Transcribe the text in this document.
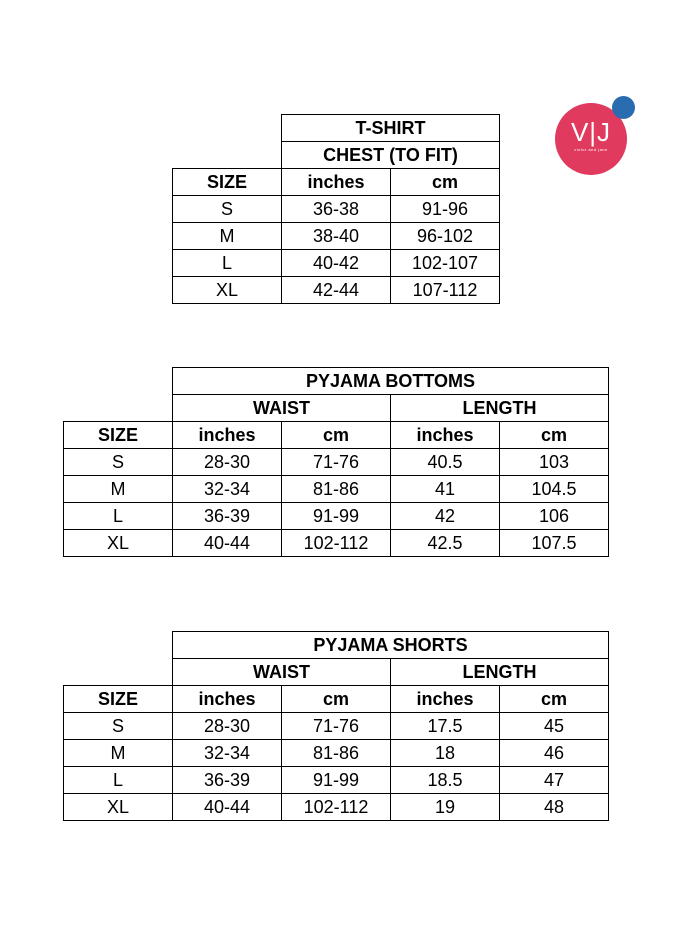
V|J
victor and jane
	T-SHIRT	
	CHEST (TO FIT)	
SIZE	inches	cm
S	36-38	91-96
M	38-40	96-102
L	40-42	102-107
XL	42-44	107-112
	PYJAMA BOTTOMS			
	WAIST		LENGTH	
SIZE	inches	cm	inches	cm
S	28-30	71-76	40.5	103
M	32-34	81-86	41	104.5
L	36-39	91-99	42	106
XL	40-44	102-112	42.5	107.5
	PYJAMA SHORTS			
	WAIST		LENGTH	
SIZE	inches	cm	inches	cm
S	28-30	71-76	17.5	45
M	32-34	81-86	18	46
L	36-39	91-99	18.5	47
XL	40-44	102-112	19	48
